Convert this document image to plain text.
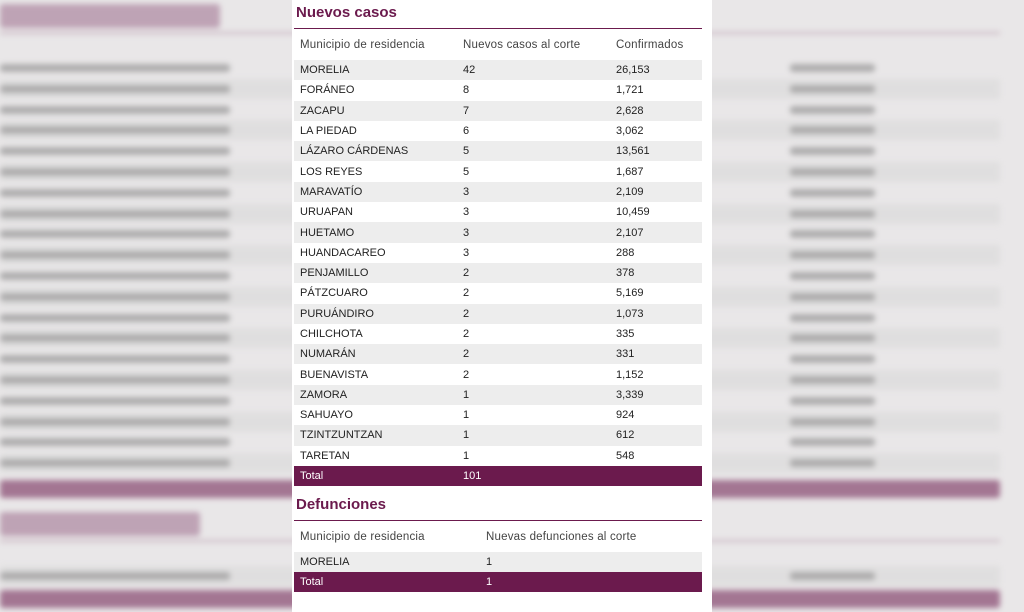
Nuevos casos
Municipio de residencia	Nuevos casos al corte	Confirmados
MORELIA	42	26,153
FORÁNEO	8	1,721
ZACAPU	7	2,628
LA PIEDAD	6	3,062
LÁZARO CÁRDENAS	5	13,561
LOS REYES	5	1,687
MARAVATÍO	3	2,109
URUAPAN	3	10,459
HUETAMO	3	2,107
HUANDACAREO	3	288
PENJAMILLO	2	378
PÁTZCUARO	2	5,169
PURUÁNDIRO	2	1,073
CHILCHOTA	2	335
NUMARÁN	2	331
BUENAVISTA	2	1,152
ZAMORA	1	3,339
SAHUAYO	1	924
TZINTZUNTZAN	1	612
TARETAN	1	548
Total	101	
Defunciones
Municipio de residencia	Nuevas defunciones al corte
MORELIA	1
Total	1
